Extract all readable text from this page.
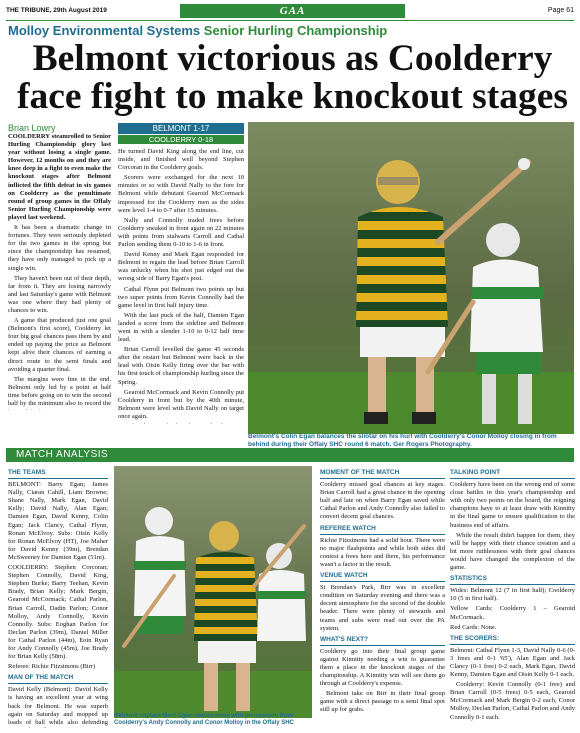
THE TRIBUNE, 29th August 2019	GAA	Page 61
Molloy Environmental Systems Senior Hurling Championship
Belmont victorious as Coolderry
face fight to make knockout stages
Brian Lowry

COOLDERRY steamrolled to Senior Hurling Championship glory last year without losing a single game. However, 12 months on and they are knee deep in a fight to even make the knockout stages after Belmont inflicted the fifth defeat in six games on Coolderry as the penultimate round of group games in the Offaly Senior Hurling Championship were played last weekend.

It has been a dramatic change in fortunes. They were seriously depleted for the two games in the spring but since the championship has resumed, they have only managed to pick up a single win.

They haven't been out of their depth, far from it. They are losing narrowly and last Saturday's game with Belmont was one where they had plenty of chances to win.

A game that produced just one goal (Belmont's first score), Coolderry let four big goal chances pass them by and ended up paying the price as Belmont kept alive their chances of earning a direct route to the semi finals and avoiding a quarter final.

The margins were fine in the end. Belmont only led by a point at half time before going on to win the second half by the minimum also to record the

BELMONT 1-17
COOLDERRY 0-18

He turned David King along the end line, cut inside, and finished well beyond Stephen Corcoran in the Coolderry goals.

Scorers were exchanged for the next 10 minutes or so with David Nally to the fore for Belmont while debutant Gearoid McCormack impressed for the Coolderry men as the sides were level 1-4 to 0-7 after 15 minutes.

Nally and Connolly traded frees before Coolderry sneaked in front again on 22 minutes with points from stalwarts Carroll and Cathal Parlon sending them 0-10 to 1-6 in front.

David Kenny and Mark Egan responded for Belmont to regain the lead before Brian Carroll was unlucky when his shot just edged out the wrong side of Barry Egan's post.

Cathal Flynn put Belmont two points up but two super points from Kevin Connolly had the game level in first half injury time.

With the last puck of the half, Damien Egan landed a score from the sideline and Belmont went in with a slender 1-10 to 0-12 half time lead.

Brian Carroll levelled the game 45 seconds after the restart but Belmont were back in the lead with Oisin Kelly firing over the bar with his first touch of championship hurling since the Spring.

Gearoid McCormack and Kevin Connolly put Coolderry in front but by the 40th minute, Belmont were level with David Nally on target once again.

Belmont's Colin Egan balances the sliotar on his hurl with Coolderry's Conor Molloy closing in from behind during their Offaly SHC round 6 match. Ger Rogers Photography.
MATCH ANALYSIS
THE TEAMS

BELMONT: Barry Egan; James Nally, Ciaran Cahill, Liam Browne; Shane Nally, Mark Egan, David Kelly; David Nally, Alan Egan; Damien Egan, David Kenny, Colin Egan; Jack Clancy, Cathal Flynn, Ronan McElvoy. Subs: Oisin Kelly for Ronan McElvoy (HT), Joe Maher for David Kenny (39m), Brendan McSweeney for Damien Egan (51m).

COOLDERRY: Stephen Corcoran; Stephen Connolly, David King, Stephen Burke; Barry Teehan, Kevin Brady, Brian Kelly; Mark Bergin, Gearoid McCormack; Cathal Parlon, Brian Carroll, Dadin Parlon; Conor Molloy, Andy Connolly, Kevin Connolly. Subs: Eoghan Parlon for Declan Parlon (39m), Daniel Miller for Cathal Parlon (44m), Eoin Ryan for Andy Connolly (45m), Joe Brady for Brian Kelly (58m).

Referee: Richie Fitzsimons (Birr)

MAN OF THE MATCH

David Kelly (Belmont): David Kelly is having an excellent year at wing back for Belmont. He was superb again on Saturday and mopped up loads of ball while also defending

Belmont captain Mark Egan comes away with possession from Coolderry's Andy Connolly and Conor Molloy in the Offaly SHC
MOMENT OF THE MATCH

Coolderry missed goal chances at key stages. Brian Carroll had a great chance in the opening half and late on when Barry Egan saved while Cathal Parlon and Andy Connolly also failed to convert decent goal chances.

REFEREE WATCH

Richie Fitzsimons had a solid hour. There were no major flashpoints and while both sides did contest a frees here and there, his performance wasn't a factor in the result.

VENUE WATCH

St Brendan's Park, Birr was in excellent condition on Saturday evening and there was a decent atmosphere for the second of the double header. There were plenty of stewards and teams and subs were read out over the PA system.

WHAT'S NEXT?

Coolderry go into their final group game against Kinnitty needing a win to guarantee them a place in the knockout stages of the championship. A Kinnitty win will see them go through at Coolderry's expense.

Belmont take on Birr in their final group game with a direct passage to a semi final spot still up for grabs.

TALKING POINT

Coolderry have been on the wrong end of some close battles in this year's championship and with only two points on the board, the reigning champions have to at least draw with Kinnitty in the final game to ensure qualification to the business end of affairs.

While the result didn't happen for them, they will be happy with their chance creation and a bit more ruthlessness with their goal chances would have changed the complexion of the game.

STATISTICS

Wides: Belmont 12 (7 in first half); Coolderry 10 (5 in first half).

Yellow Cards: Coolderry 1 – Gearoid McCormack.

Red Cards: None.

THE SCORERS:

Belmont: Cathal Flynn 1-3, David Nally 0-6 (0-3 frees and 0-1 '65'), Alan Egan and Jack Clancy (0-1 free) 0-2 each, Mark Egan, David Kenny, Damien Egan and Oisin Kelly 0-1 each.

Coolderry: Kevin Connolly (0-1 free) and Brian Carroll (0-5 frees) 0-5 each, Gearoid McCormack and Mark Bergin 0-2 each, Conor Molloy, Declan Parlon, Cathal Parlon and Andy Connolly 0-1 each.
